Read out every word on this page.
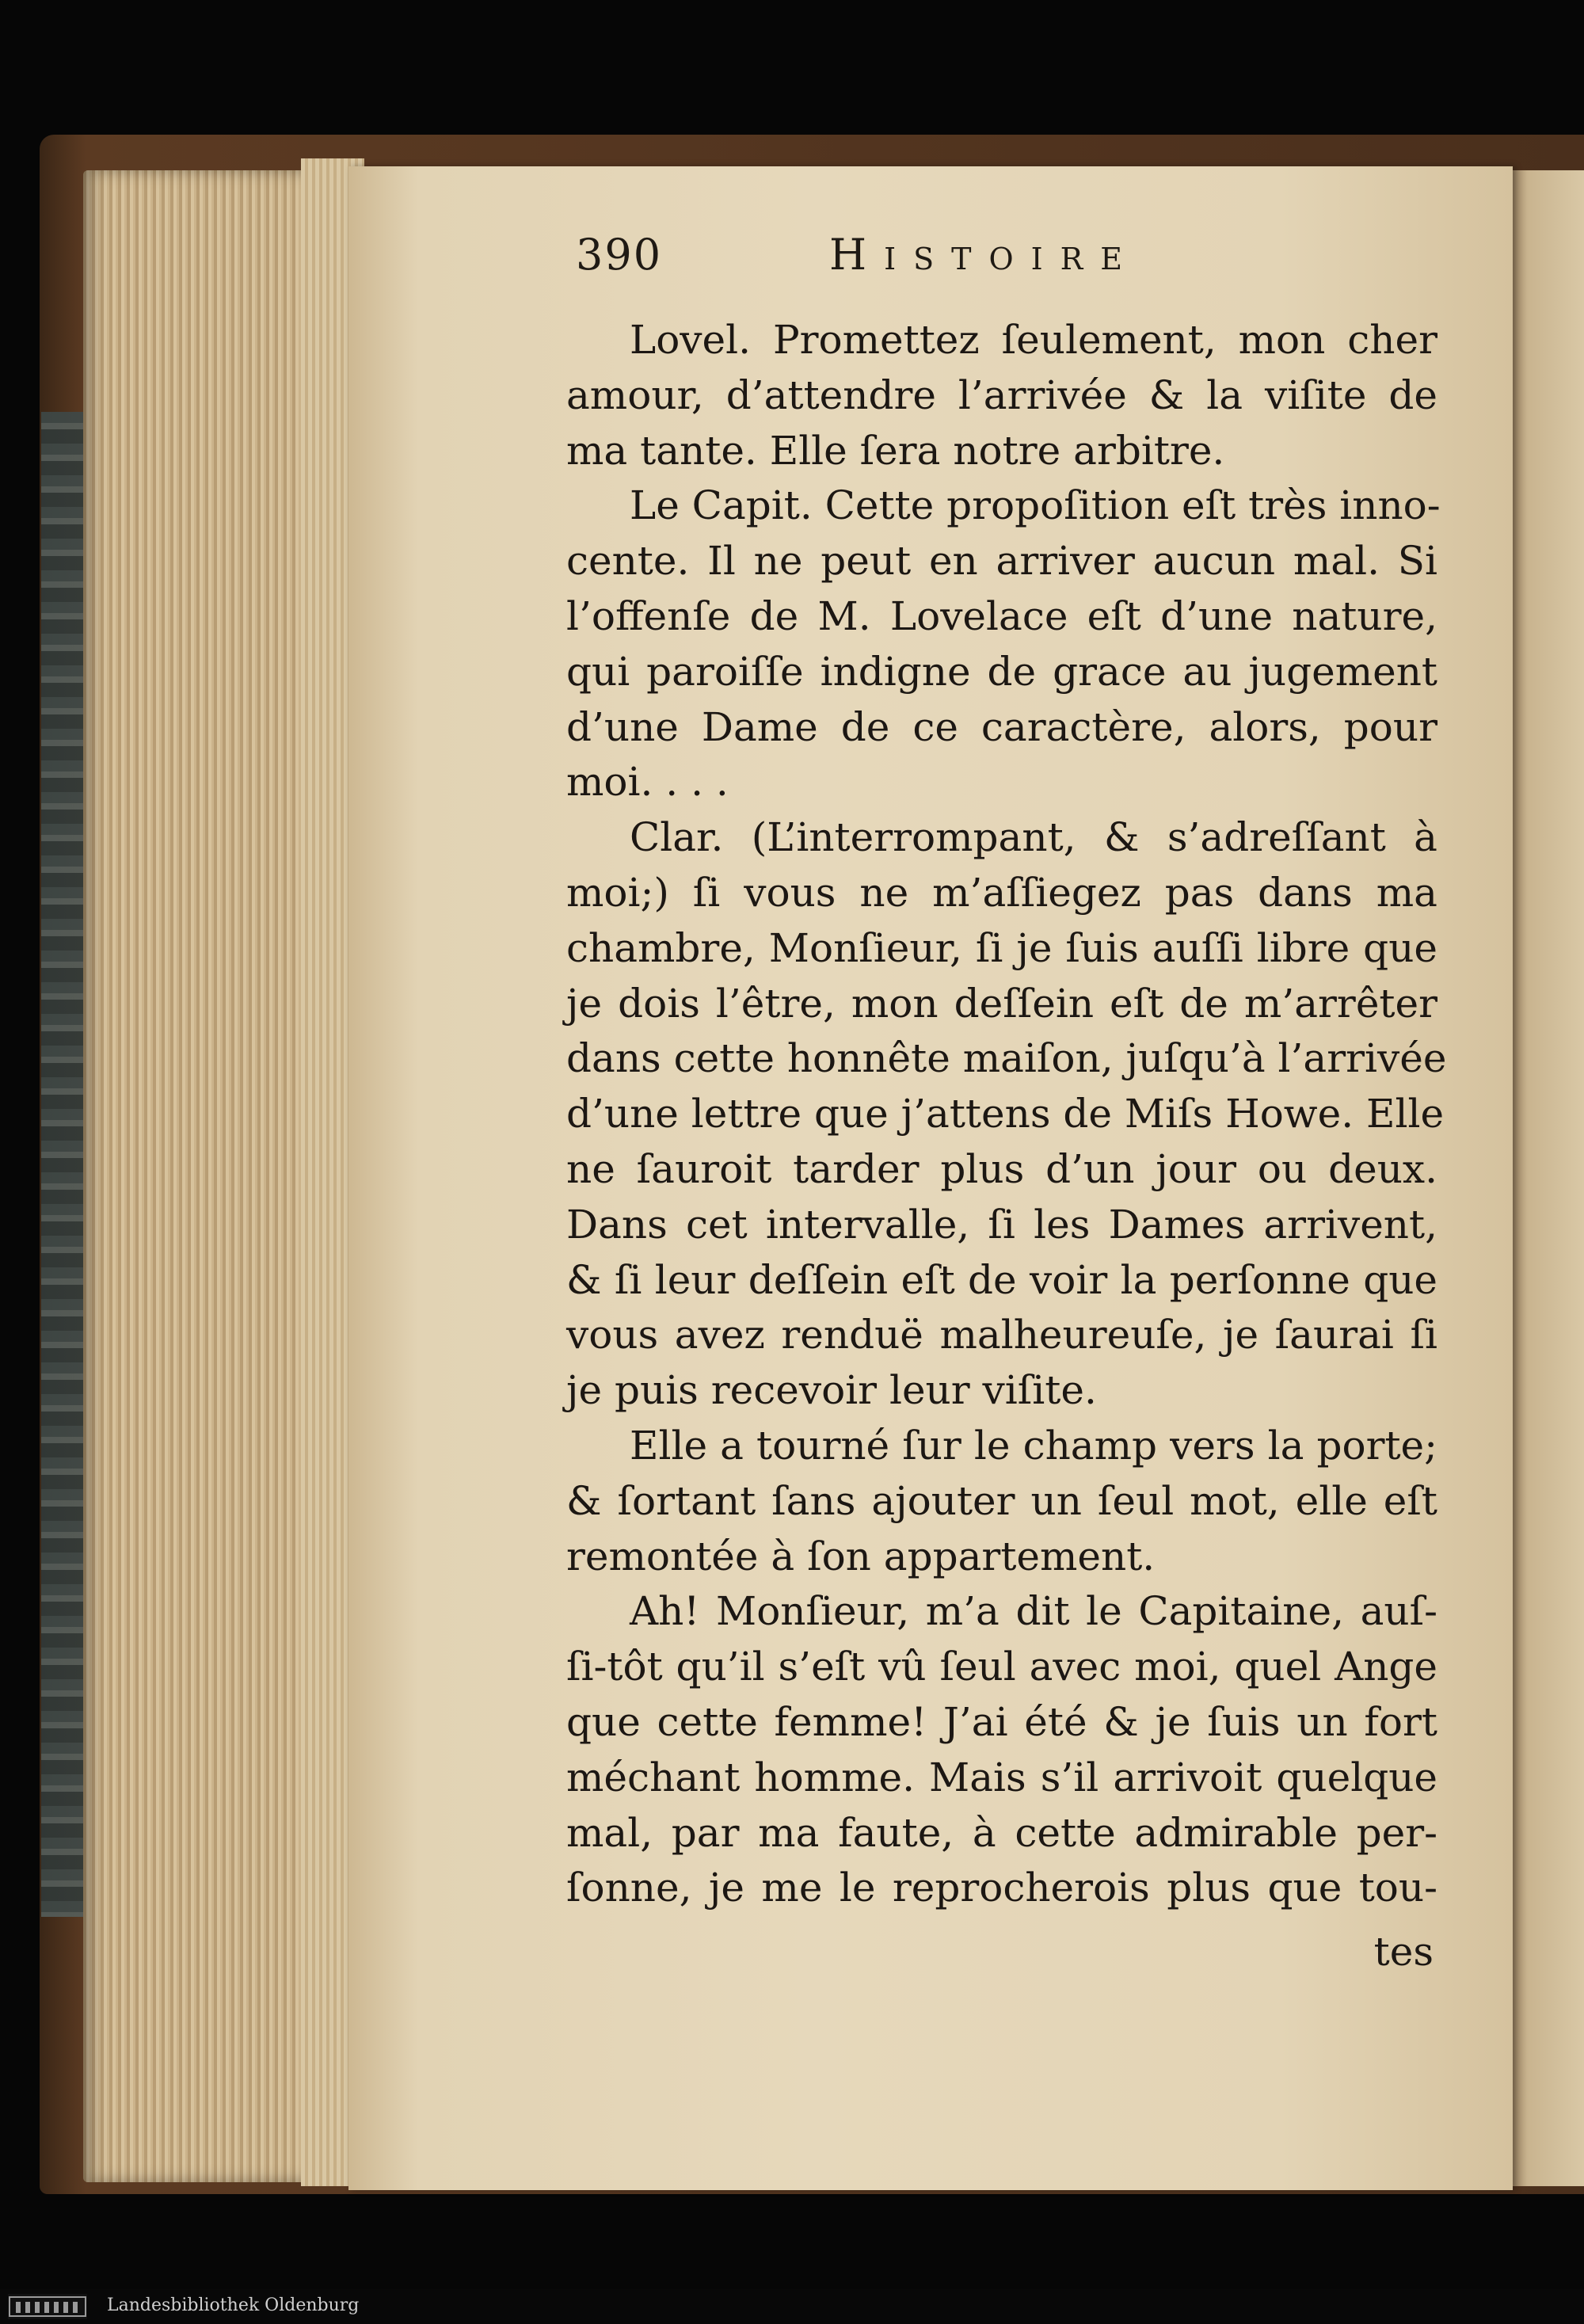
390	Histoire
Lovel. Promettez ſeulement, mon cher
amour, d’attendre l’arrivée & la viſite de
ma tante. Elle ſera notre arbitre.
Le Capit. Cette propoſition eſt très inno-
cente. Il ne peut en arriver aucun mal. Si
l’offenſe de M. Lovelace eſt d’une nature,
qui paroiſſe indigne de grace au jugement
d’une Dame de ce caractère, alors, pour
moi. . . .
Clar. (L’interrompant, & s’adreſſant à
moi;) ſi vous ne m’aſſiegez pas dans ma
chambre, Monſieur, ſi je ſuis auſſi libre que
je dois l’être, mon deſſein eſt de m’arrêter
dans cette honnête maiſon, juſqu’à l’arrivée
d’une lettre que j’attens de Miſs Howe. Elle
ne ſauroit tarder plus d’un jour ou deux.
Dans cet intervalle, ſi les Dames arrivent,
& ſi leur deſſein eſt de voir la perſonne que
vous avez renduë malheureuſe, je ſaurai ſi
je puis recevoir leur viſite.
Elle a tourné ſur le champ vers la porte;
& ſortant ſans ajouter un ſeul mot, elle eſt
remontée à ſon appartement.
Ah! Monſieur, m’a dit le Capitaine, auſ-
ſi-tôt qu’il s’eſt vû ſeul avec moi, quel Ange
que cette femme! J’ai été & je ſuis un fort
méchant homme. Mais s’il arrivoit quelque
mal, par ma faute, à cette admirable per-
ſonne, je me le reprocherois plus que tou-
tes
Landesbibliothek Oldenburg
